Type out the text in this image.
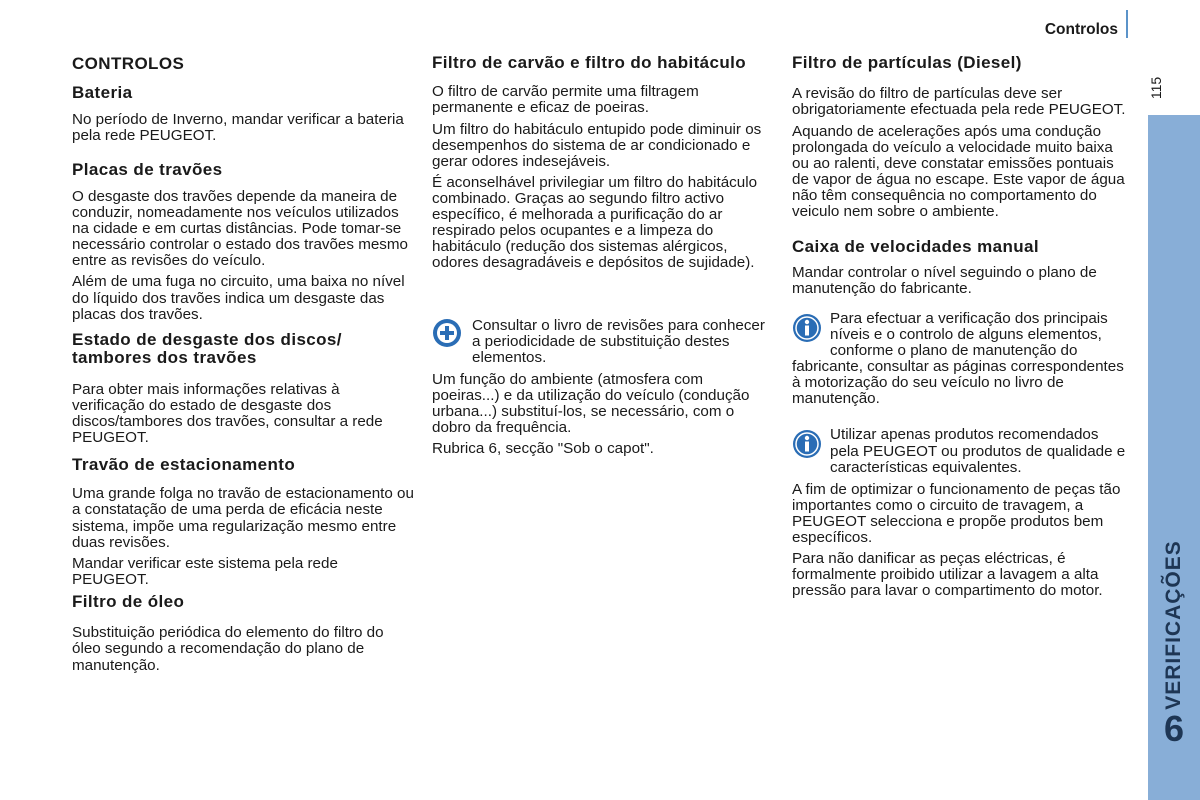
Controlos
115
VERIFICAÇÕES
6
CONTROLOS
Bateria

No período de Inverno, mandar verificar a bateria pela rede PEUGEOT.

Placas de travões

O desgaste dos travões depende da maneira de conduzir, nomeadamente nos veículos utilizados na cidade e em curtas distâncias. Pode tomar-se necessário controlar o estado dos travões mesmo entre as revisões do veículo.

Além de uma fuga no circuito, uma baixa no nível do líquido dos travões indica um desgaste das placas dos travões.

Estado de desgaste dos discos/ tambores dos travões

Para obter mais informações relativas à verificação do estado de desgaste dos discos/tambores dos travões, consultar a rede PEUGEOT.

Travão de estacionamento

Uma grande folga no travão de estacionamento ou a constatação de uma perda de eficácia neste sistema, impõe uma regularização mesmo entre duas revisões.

Mandar verificar este sistema pela rede PEUGEOT.

Filtro de óleo

Substituição periódica do elemento do filtro do óleo segundo a recomendação do plano de manutenção.

Filtro de carvão e filtro do habitáculo

O filtro de carvão permite uma filtragem permanente e eficaz de poeiras.

Um filtro do habitáculo entupido pode diminuir os desempenhos do sistema de ar condicionado e gerar odores indesejáveis.

É aconselhável privilegiar um filtro do habitáculo combinado. Graças ao segundo filtro activo específico, é melhorada a purificação do ar respirado pelos ocupantes e a limpeza do habitáculo (redução dos sistemas alérgicos, odores desagradáveis e depósitos de sujidade).

Consultar o livro de revisões para conhecer a periodicidade de substituição destes elementos.

Um função do ambiente (atmosfera com poeiras...) e da utilização do veículo (condução urbana...) substituí-los, se necessário, com o dobro da frequência.

Rubrica 6, secção "Sob o capot".

Filtro de partículas (Diesel)

A revisão do filtro de partículas deve ser obrigatoriamente efectuada pela rede PEUGEOT.

Aquando de acelerações após uma condução prolongada do veículo a velocidade muito baixa ou ao ralenti, deve constatar emissões pontuais de vapor de água no escape. Este vapor de água não têm consequência no comportamento do veiculo nem sobre o ambiente.

Caixa de velocidades manual

Mandar controlar o nível seguindo o plano de manutenção do fabricante.

Para efectuar a verificação dos principais níveis e o controlo de alguns elementos, conforme o plano de manutenção do fabricante, consultar as páginas correspondentes à motorização do seu veículo no livro de manutenção.
Utilizar apenas produtos recomendados pela PEUGEOT ou produtos de qualidade e características equivalentes.

A fim de optimizar o funcionamento de peças tão importantes como o circuito de travagem, a PEUGEOT selecciona e propõe produtos bem específicos.

Para não danificar as peças eléctricas, é formalmente proibido utilizar a lavagem a alta pressão para lavar o compartimento do motor.
